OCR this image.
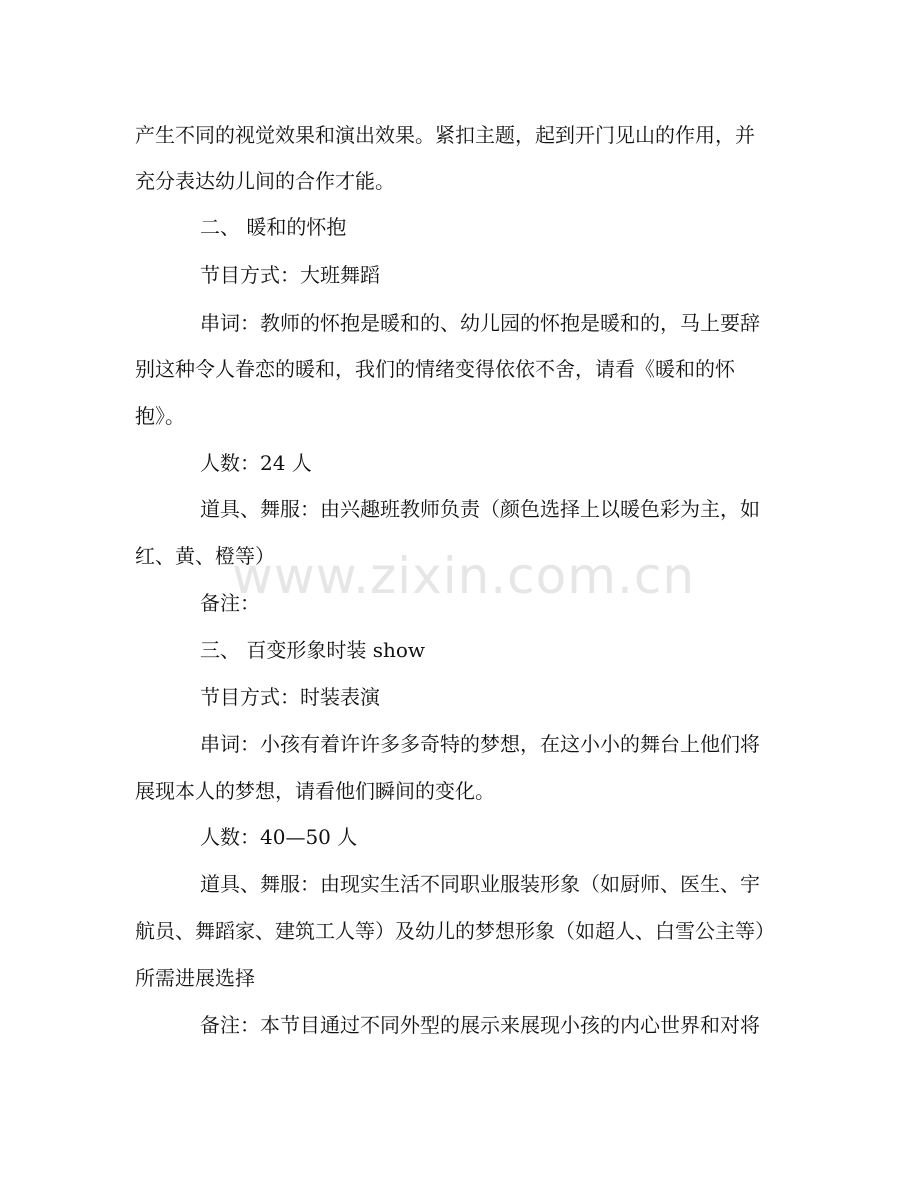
www.zixin.com.cn
产生不同的视觉效果和演出效果。紧扣主题，起到开门见山的作用，并
充分表达幼儿间的合作才能。
二、 暖和的怀抱
节目方式：大班舞蹈
串词：教师的怀抱是暖和的、幼儿园的怀抱是暖和的，马上要辞
别这种令人眷恋的暖和，我们的情绪变得依依不舍，请看《暖和的怀
抱》。
人数：24 人
道具、舞服：由兴趣班教师负责（颜色选择上以暖色彩为主，如
红、黄、橙等）
备注：
三、 百变形象时装 show
节目方式：时装表演
串词：小孩有着许许多多奇特的梦想，在这小小的舞台上他们将
展现本人的梦想，请看他们瞬间的变化。
人数：40—50 人
道具、舞服：由现实生活不同职业服装形象（如厨师、医生、宇
航员、舞蹈家、建筑工人等）及幼儿的梦想形象（如超人、白雪公主等）
所需进展选择
备注：本节目通过不同外型的展示来展现小孩的内心世界和对将
